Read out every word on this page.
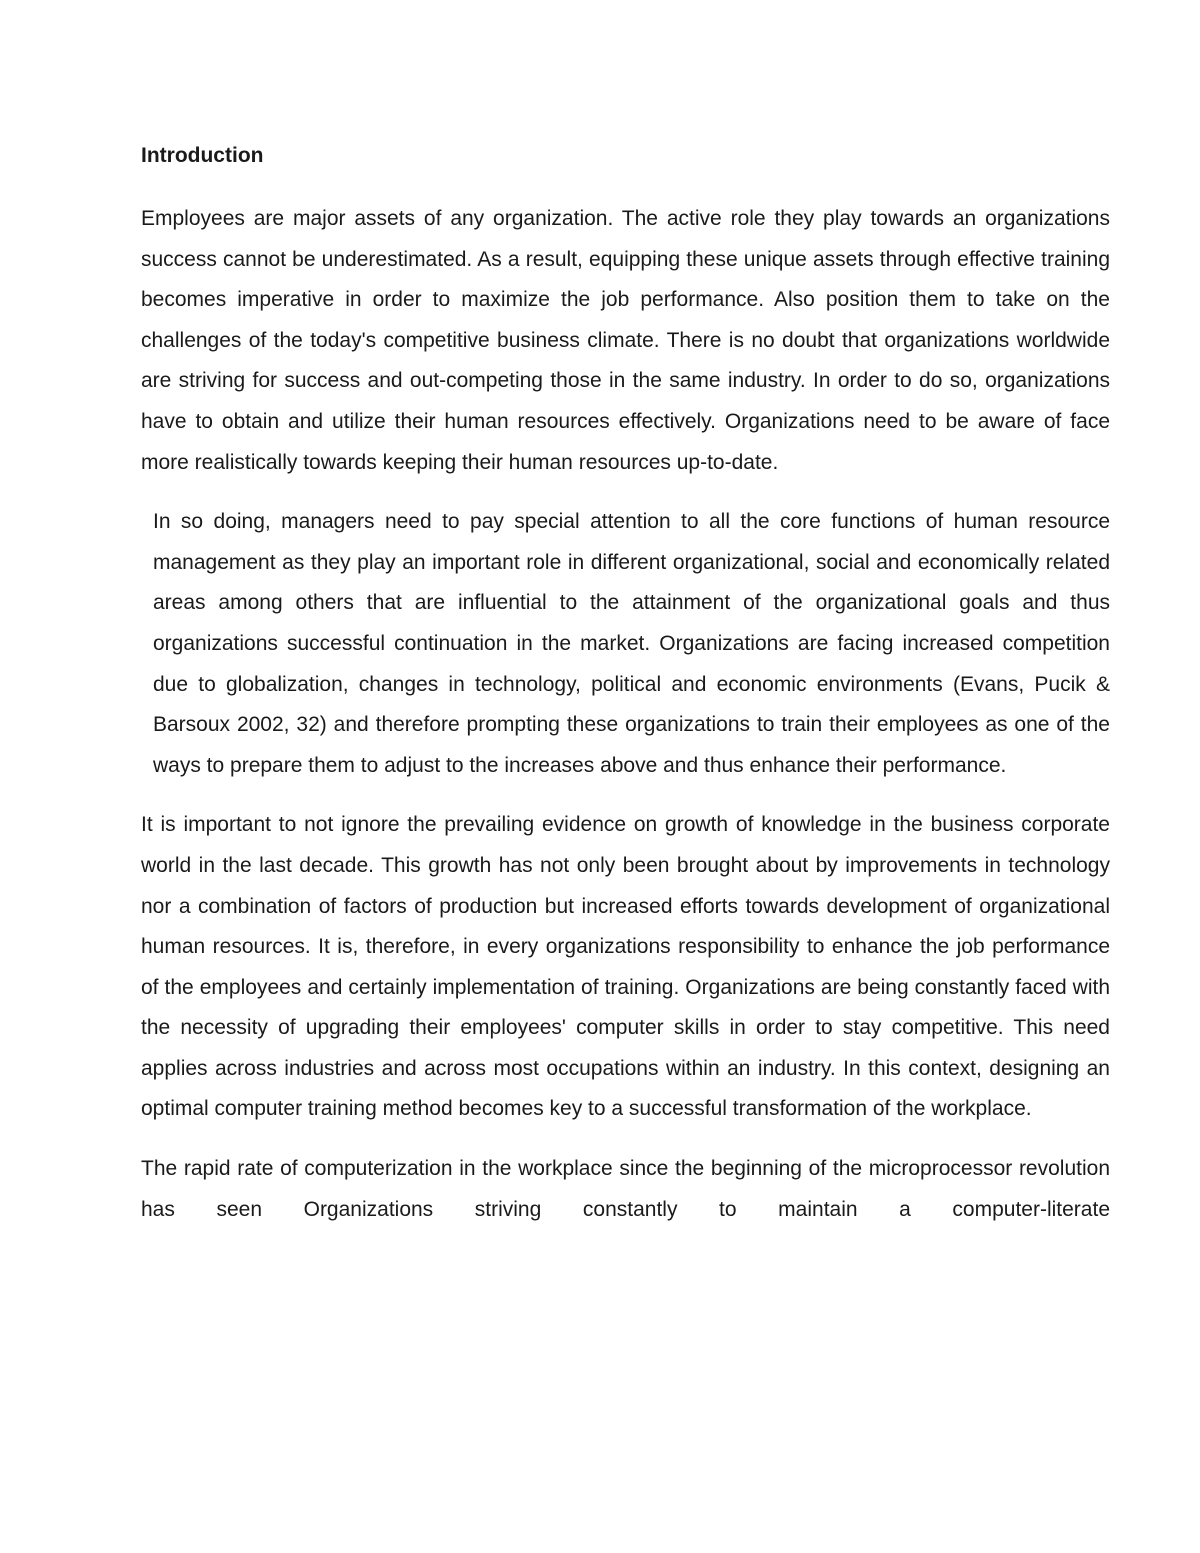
Introduction

Employees are major assets of any organization. The active role they play towards an organizations success cannot be underestimated. As a result, equipping these unique assets through effective training becomes imperative in order to maximize the job performance. Also position them to take on the challenges of the today's competitive business climate. There is no doubt that organizations worldwide are striving for success and out-competing those in the same industry. In order to do so, organizations have to obtain and utilize their human resources effectively. Organizations need to be aware of face more realistically towards keeping their human resources up-to-date.

In so doing, managers need to pay special attention to all the core functions of human resource management as they play an important role in different organizational, social and economically related areas among others that are influential to the attainment of the organizational goals and thus organizations successful continuation in the market. Organizations are facing increased competition due to globalization, changes in technology, political and economic environments (Evans, Pucik & Barsoux 2002, 32) and therefore prompting these organizations to train their employees as one of the ways to prepare them to adjust to the increases above and thus enhance their performance.

It is important to not ignore the prevailing evidence on growth of knowledge in the business corporate world in the last decade. This growth has not only been brought about by improvements in technology nor a combination of factors of production but increased efforts towards development of organizational human resources. It is, therefore, in every organizations responsibility to enhance the job performance of the employees and certainly implementation of training. Organizations are being constantly faced with the necessity of upgrading their employees' computer skills in order to stay competitive. This need applies across industries and across most occupations within an industry. In this context, designing an optimal computer training method becomes key to a successful transformation of the workplace.

The rapid rate of computerization in the workplace since the beginning of the microprocessor revolution has seen Organizations striving constantly to maintain a computer-literate
